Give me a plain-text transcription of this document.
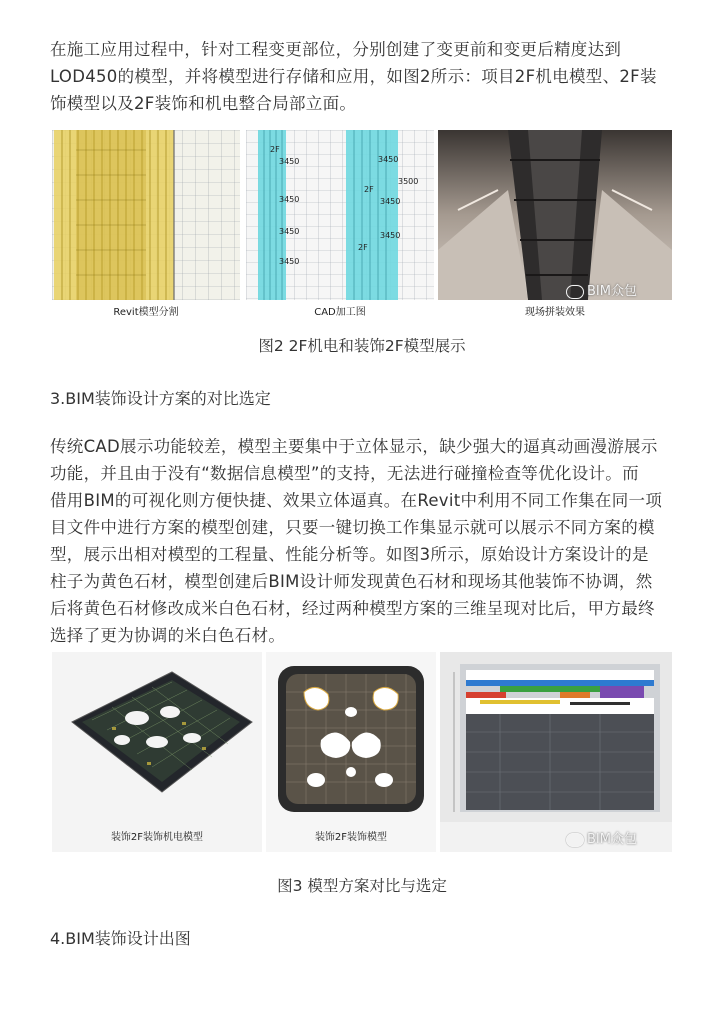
在施工应用过程中，针对工程变更部位，分别创建了变更前和变更后精度达到
LOD450的模型，并将模型进行存储和应用，如图2所示：项目2F机电模型、2F装
饰模型以及2F装饰和机电整合局部立面。
Revit模型分割
3450
3450
3450
3450
3450
3450
3450
3500
2F
2F
2F
CAD加工图	现场拼装效果
BIM众包
图2 2F机电和装饰2F模型展示
3.BIM装饰设计方案的对比选定
传统CAD展示功能较差，模型主要集中于立体显示，缺少强大的逼真动画漫游展示
功能，并且由于没有“数据信息模型”的支持，无法进行碰撞检查等优化设计。而
借用BIM的可视化则方便快捷、效果立体逼真。在Revit中利用不同工作集在同一项
目文件中进行方案的模型创建，只要一键切换工作集显示就可以展示不同方案的模
型，展示出相对模型的工程量、性能分析等。如图3所示，原始设计方案设计的是
柱子为黄色石材，模型创建后BIM设计师发现黄色石材和现场其他装饰不协调，然
后将黄色石材修改成米白色石材，经过两种模型方案的三维呈现对比后，甲方最终
选择了更为协调的米白色石材。
装饰2F装饰机电模型	装饰2F装饰模型	BIM众包
图3 模型方案对比与选定
4.BIM装饰设计出图
